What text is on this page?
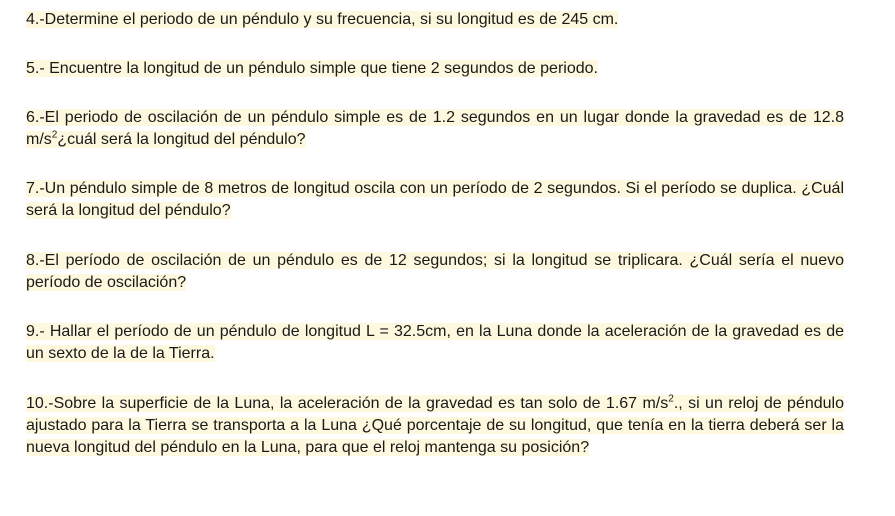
4.-Determine el periodo de un péndulo y su frecuencia, si su longitud es de 245 cm.
5.- Encuentre la longitud de un péndulo simple que tiene 2 segundos de periodo.
6.-El periodo de oscilación de un péndulo simple es de 1.2 segundos en un lugar donde la gravedad es de 12.8 $m/s^2¿cuál$ será la longitud del péndulo?
7.-Un péndulo simple de 8 metros de longitud oscila con un período de 2 segundos. Si el período se duplica. ¿Cuál será la longitud del péndulo?
8.-El período de oscilación de un péndulo es de 12 segundos; si la longitud se triplicara. ¿Cuál sería el nuevo período de oscilación?
9.- Hallar el período de un péndulo de longitud L = 32.5cm, en la Luna donde la aceleración de la gravedad es de un sexto de la de la Tierra.
10.-Sobre la superficie de la Luna, la aceleración de la gravedad es tan solo de 1.67 $m/s^2$., si un reloj de péndulo ajustado para la Tierra se transporta a la Luna ¿Qué porcentaje de su longitud, que tenía en la tierra deberá ser la nueva longitud del péndulo en la Luna, para que el reloj mantenga su posición?
